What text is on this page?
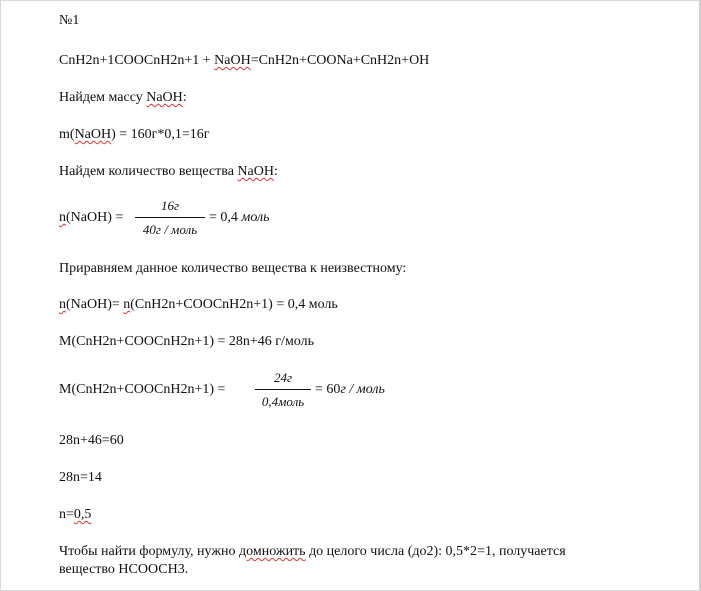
№1
CnH2n+1COOCnH2n+1 + NaOH=CnH2n+COONa+CnH2n+OH
Найдем массу NaOH:
m(NaOH) = 160г*0,1=16г
Найдем количество вещества NaOH:
n(NaOH) =
16г
40г / моль
= 0,4 моль
Приравняем данное количество вещества к неизвестному:
n(NaOH)= n(CnH2n+COOCnH2n+1) = 0,4 моль
M(CnH2n+COOCnH2n+1) = 28n+46 г/моль
M(CnH2n+COOCnH2n+1) =
24г
0,4моль
= 60г / моль
28n+46=60
28n=14
n=0,5
Чтобы найти формулу, нужно домножить до целого числа (до2): 0,5*2=1, получается
вещество НСООСН3.
